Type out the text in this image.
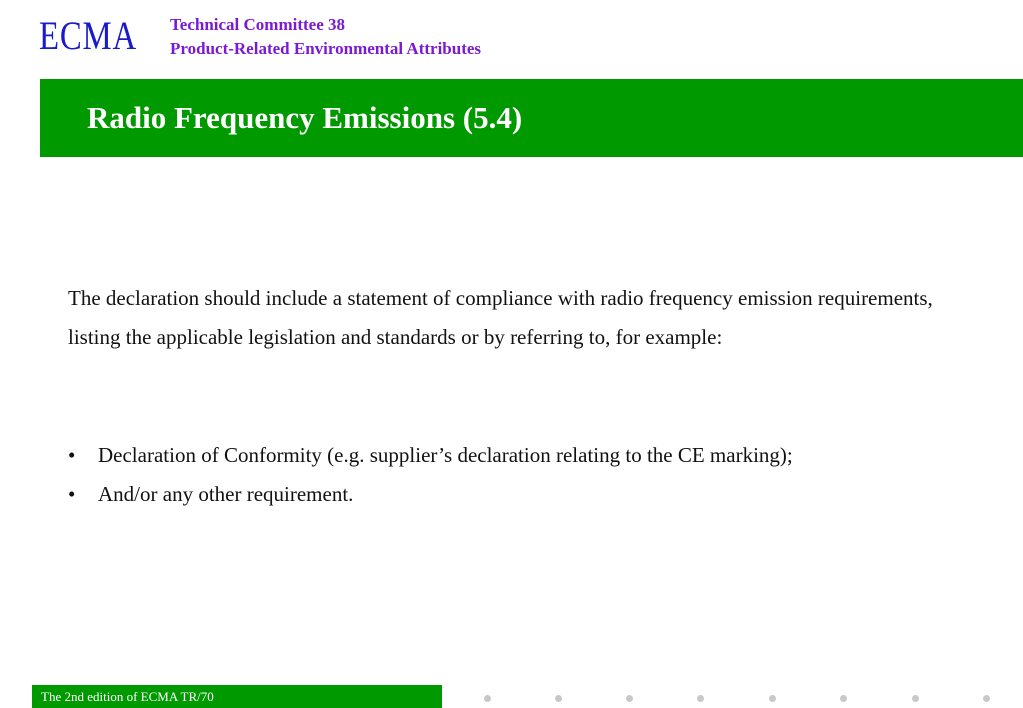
ECMA Technical Committee 38
Product-Related Environmental Attributes
Radio Frequency Emissions (5.4)

The declaration should include a statement of compliance with radio frequency emission requirements, listing the applicable legislation and standards or by referring to, for example:

•	Declaration of Conformity (e.g. supplier’s declaration relating to the CE marking);
•	And/or any other requirement.
The 2nd edition of ECMA TR/70
